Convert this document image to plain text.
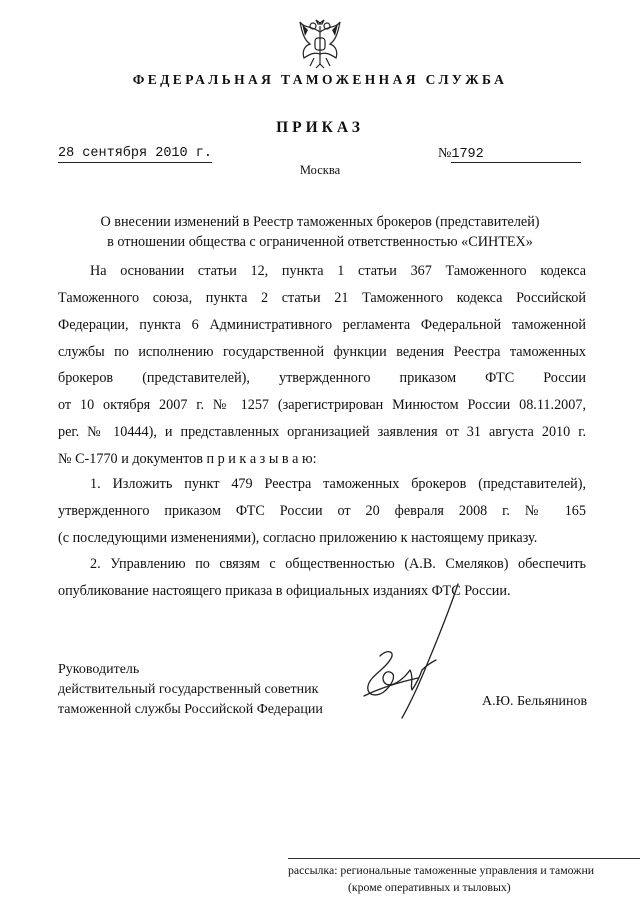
ФЕДЕРАЛЬНАЯ ТАМОЖЕННАЯ СЛУЖБА
ПРИКАЗ
28 сентября 2010 г.	№1792
Москва
О внесении изменений в Реестр таможенных брокеров (представителей)
в отношении общества с ограниченной ответственностью «СИНТЕХ»
На основании статьи 12, пункта 1 статьи 367 Таможенного кодекса
Таможенного союза, пункта 2 статьи 21 Таможенного кодекса Российской
Федерации, пункта 6 Административного регламента Федеральной таможенной
службы по исполнению государственной функции ведения Реестра таможенных
брокеров (представителей), утвержденного приказом ФТС России
от 10 октября 2007 г. № 1257 (зарегистрирован Минюстом России 08.11.2007,
рег. № 10444), и представленных организацией заявления от 31 августа 2010 г.
№ С-1770 и документов п р и к а з ы в а ю:
1. Изложить пункт 479 Реестра таможенных брокеров (представителей),
утвержденного приказом ФТС России от 20 февраля 2008 г. № 165
(с последующими изменениями), согласно приложению к настоящему приказу.
2. Управлению по связям с общественностью (А.В. Смеляков) обеспечить
опубликование настоящего приказа в официальных изданиях ФТС России.
Руководитель
действительный государственный советник
таможенной службы Российской Федерации
А.Ю. Бельянинов
рассылка: региональные таможенные управления и таможни
(кроме оперативных и тыловых)
